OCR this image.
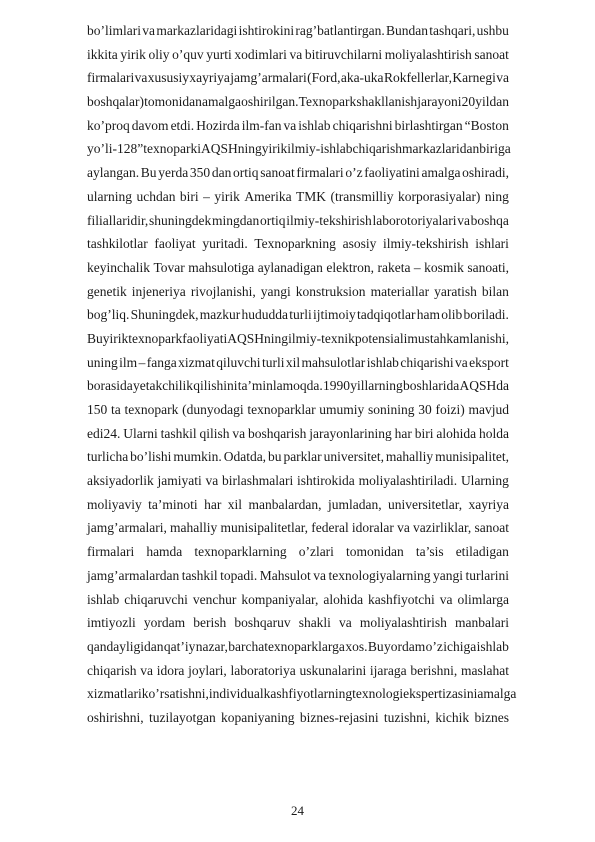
bo’limlari va markazlaridagi ishtirokini rag’batlantirgan. Bundan tashqari, ushbu
ikkita yirik oliy o’quv yurti xodimlari va bitiruvchilarni moliyalashtirish sanoat
firmalari va xususiy xayriya jamg’armalari (Ford, aka-uka Rokfellerlar, Karnegi va
boshqalar) tomonidan amalga oshirilgan. Texnopark shakllanish jarayoni 20 yildan
ko’proq davom etdi. Hozirda ilm-fan va ishlab chiqarishni birlashtirgan “Boston
yo’li-128” texnoparki AQSHning yirik ilmiy-ishlab chiqarish markazlaridan biriga
aylangan. Bu yerda 350 dan ortiq sanoat firmalari o’z faoliyatini amalga oshiradi,
ularning uchdan biri – yirik Amerika TMK (transmilliy korporasiyalar) ning
filiallaridir, shuningdek mingdan ortiq ilmiy-tekshirish laborotoriyalari va boshqa
tashkilotlar faoliyat yuritadi. Texnoparkning asosiy ilmiy-tekshirish ishlari
keyinchalik Tovar mahsulotiga aylanadigan elektron, raketa – kosmik sanoati,
genetik injeneriya rivojlanishi, yangi konstruksion materiallar yaratish bilan
bog’liq. Shuningdek, mazkur hududda turli ijtimoiy tadqiqotlar ham olib boriladi.
Bu yirik texnopark faoliyati AQSHning ilmiy-texnik potensiali mustahkamlanishi,
uning ilm – fanga xizmat qiluvchi turli xil mahsulotlar ishlab chiqarishi va eksport
borasida yetakchilik qilishini ta’minlamoqda. 1990 yillarning boshlarida AQSHda
150 ta texnopark (dunyodagi texnoparklar umumiy sonining 30 foizi) mavjud
edi24. Ularni tashkil qilish va boshqarish jarayonlarining har biri alohida holda
turlicha bo’lishi mumkin. Odatda, bu parklar universitet, mahalliy munisipalitet,
aksiyadorlik jamiyati va birlashmalari ishtirokida moliyalashtiriladi. Ularning
moliyaviy ta’minoti har xil manbalardan, jumladan, universitetlar, xayriya
jamg’armalari, mahalliy munisipalitetlar, federal idoralar va vazirliklar, sanoat
firmalari hamda texnoparklarning o’zlari tomonidan ta’sis etiladigan
jamg’armalardan tashkil topadi. Mahsulot va texnologiyalarning yangi turlarini
ishlab chiqaruvchi venchur kompaniyalar, alohida kashfiyotchi va olimlarga
imtiyozli yordam berish boshqaruv shakli va moliyalashtirish manbalari
qandayligidan qat’iy nazar, barchatexnoparklarga xos. Bu yordam o’z ichiga ishlab
chiqarish va idora joylari, laboratoriya uskunalarini ijaraga berishni, maslahat
xizmatlari ko’rsatishni, individual kashfiyotlarning texnologi ekspertizasini amalga
oshirishni, tuzilayotgan kopaniyaning biznes-rejasini tuzishni, kichik biznes
24
